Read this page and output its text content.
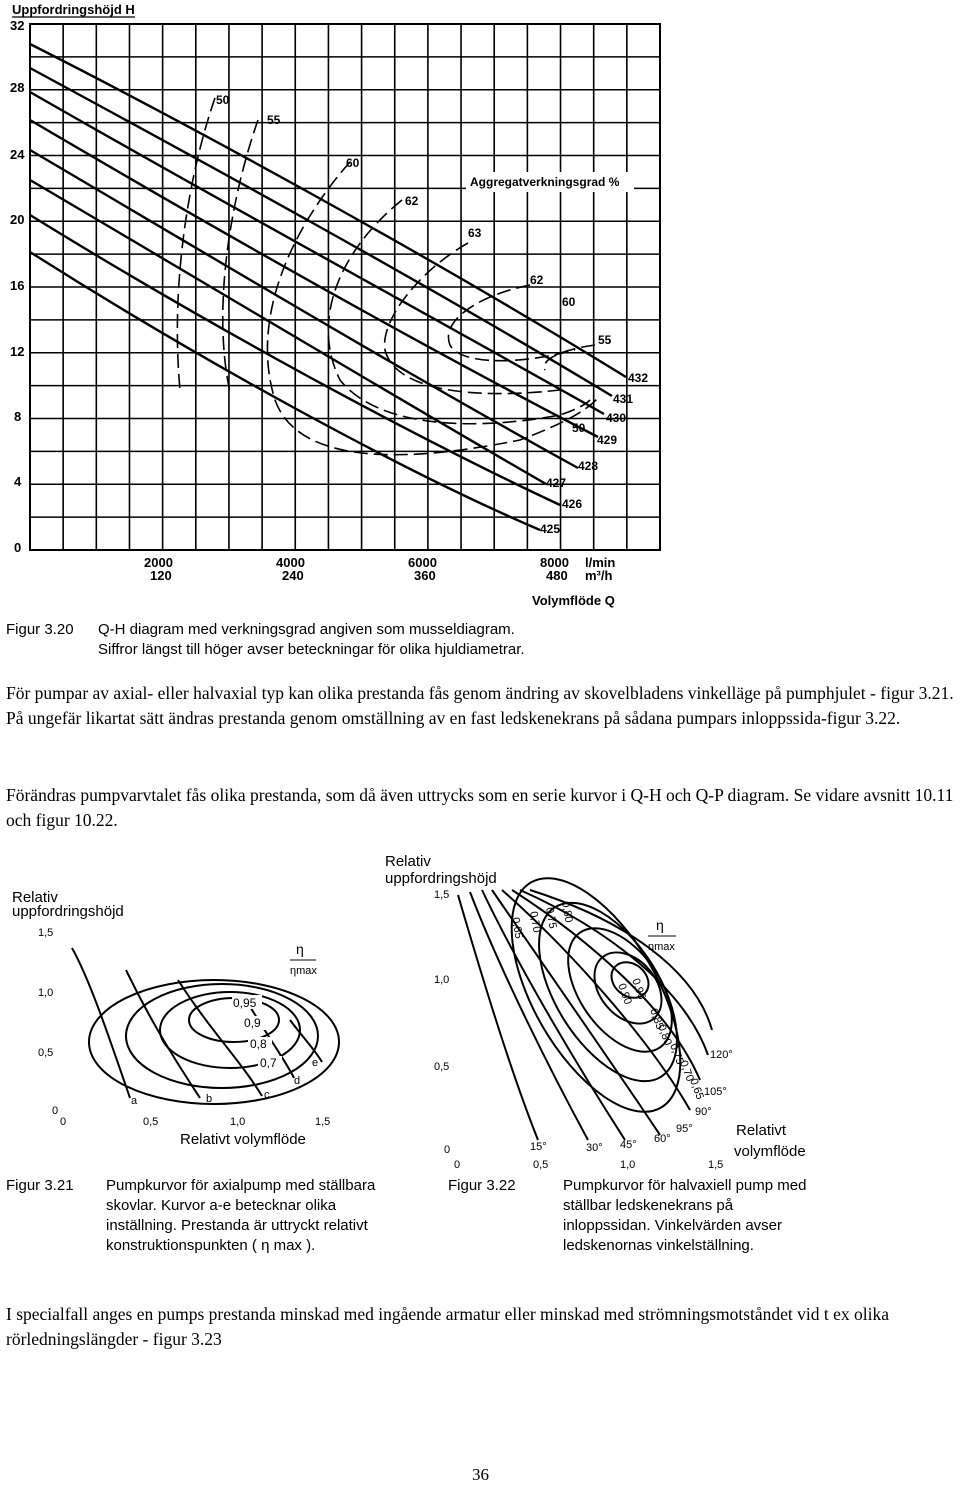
Uppfordringshöjd H
32
28
24
20
16
12
8
4
0
2000
120
4000
240
6000
360
8000
480
l/min
m³/h
Volymflöde Q
50
55
60
62
63
62
60
55
50
Aggregatverkningsgrad %
432
431
430
429
428
427
426
425
Figur 3.20	Q-H diagram med verkningsgrad angiven som musseldiagram.
Siffror längst till höger avser beteckningar för olika hjuldiametrar.
För pumpar av axial- eller halvaxial typ kan olika prestanda fås genom ändring av skovelbladens vinkelläge på pumphjulet - figur 3.21. På ungefär likartat sätt ändras prestanda genom omställning av en fast ledskenekrans på sådana pumpars inloppssida-figur 3.22.
Förändras pumpvarvtalet fås olika prestanda, som då även uttrycks som en serie kurvor i Q-H och Q-P diagram. Se vidare avsnitt 10.11 och figur 10.22.
Relativ
uppfordringshöjd
1,5
1,0
0,5
0
0	0,5	1,0	1,5
Relativt volymflöde
0,95
0,9
0,8
0,7
a	b	c
d
e
η
ηmax
Relativ
uppfordringshöjd
1,5
1,0
0,5
0
0	0,5	1,0	1,5
Relativt
volymflöde
0,65 0,70 0,75 0,80
0,85
0,80
0,75
0,70
0,65
0,90
0,95
15°	30° 45° 60°
90°
95°
105°
120°
η
ηmax
Figur 3.21	Pumpkurvor för axialpump med ställbara skovlar. Kurvor a-e betecknar olika inställning. Prestanda är uttryckt relativt konstruktionspunkten ( η max ).
Figur 3.22	Pumpkurvor för halvaxiell pump med ställbar ledskenekrans på inloppssidan. Vinkelvärden avser ledskenornas vinkelställning.
I specialfall anges en pumps prestanda minskad med ingående armatur eller minskad med strömningsmotståndet vid t ex olika rörledningslängder - figur 3.23
36
